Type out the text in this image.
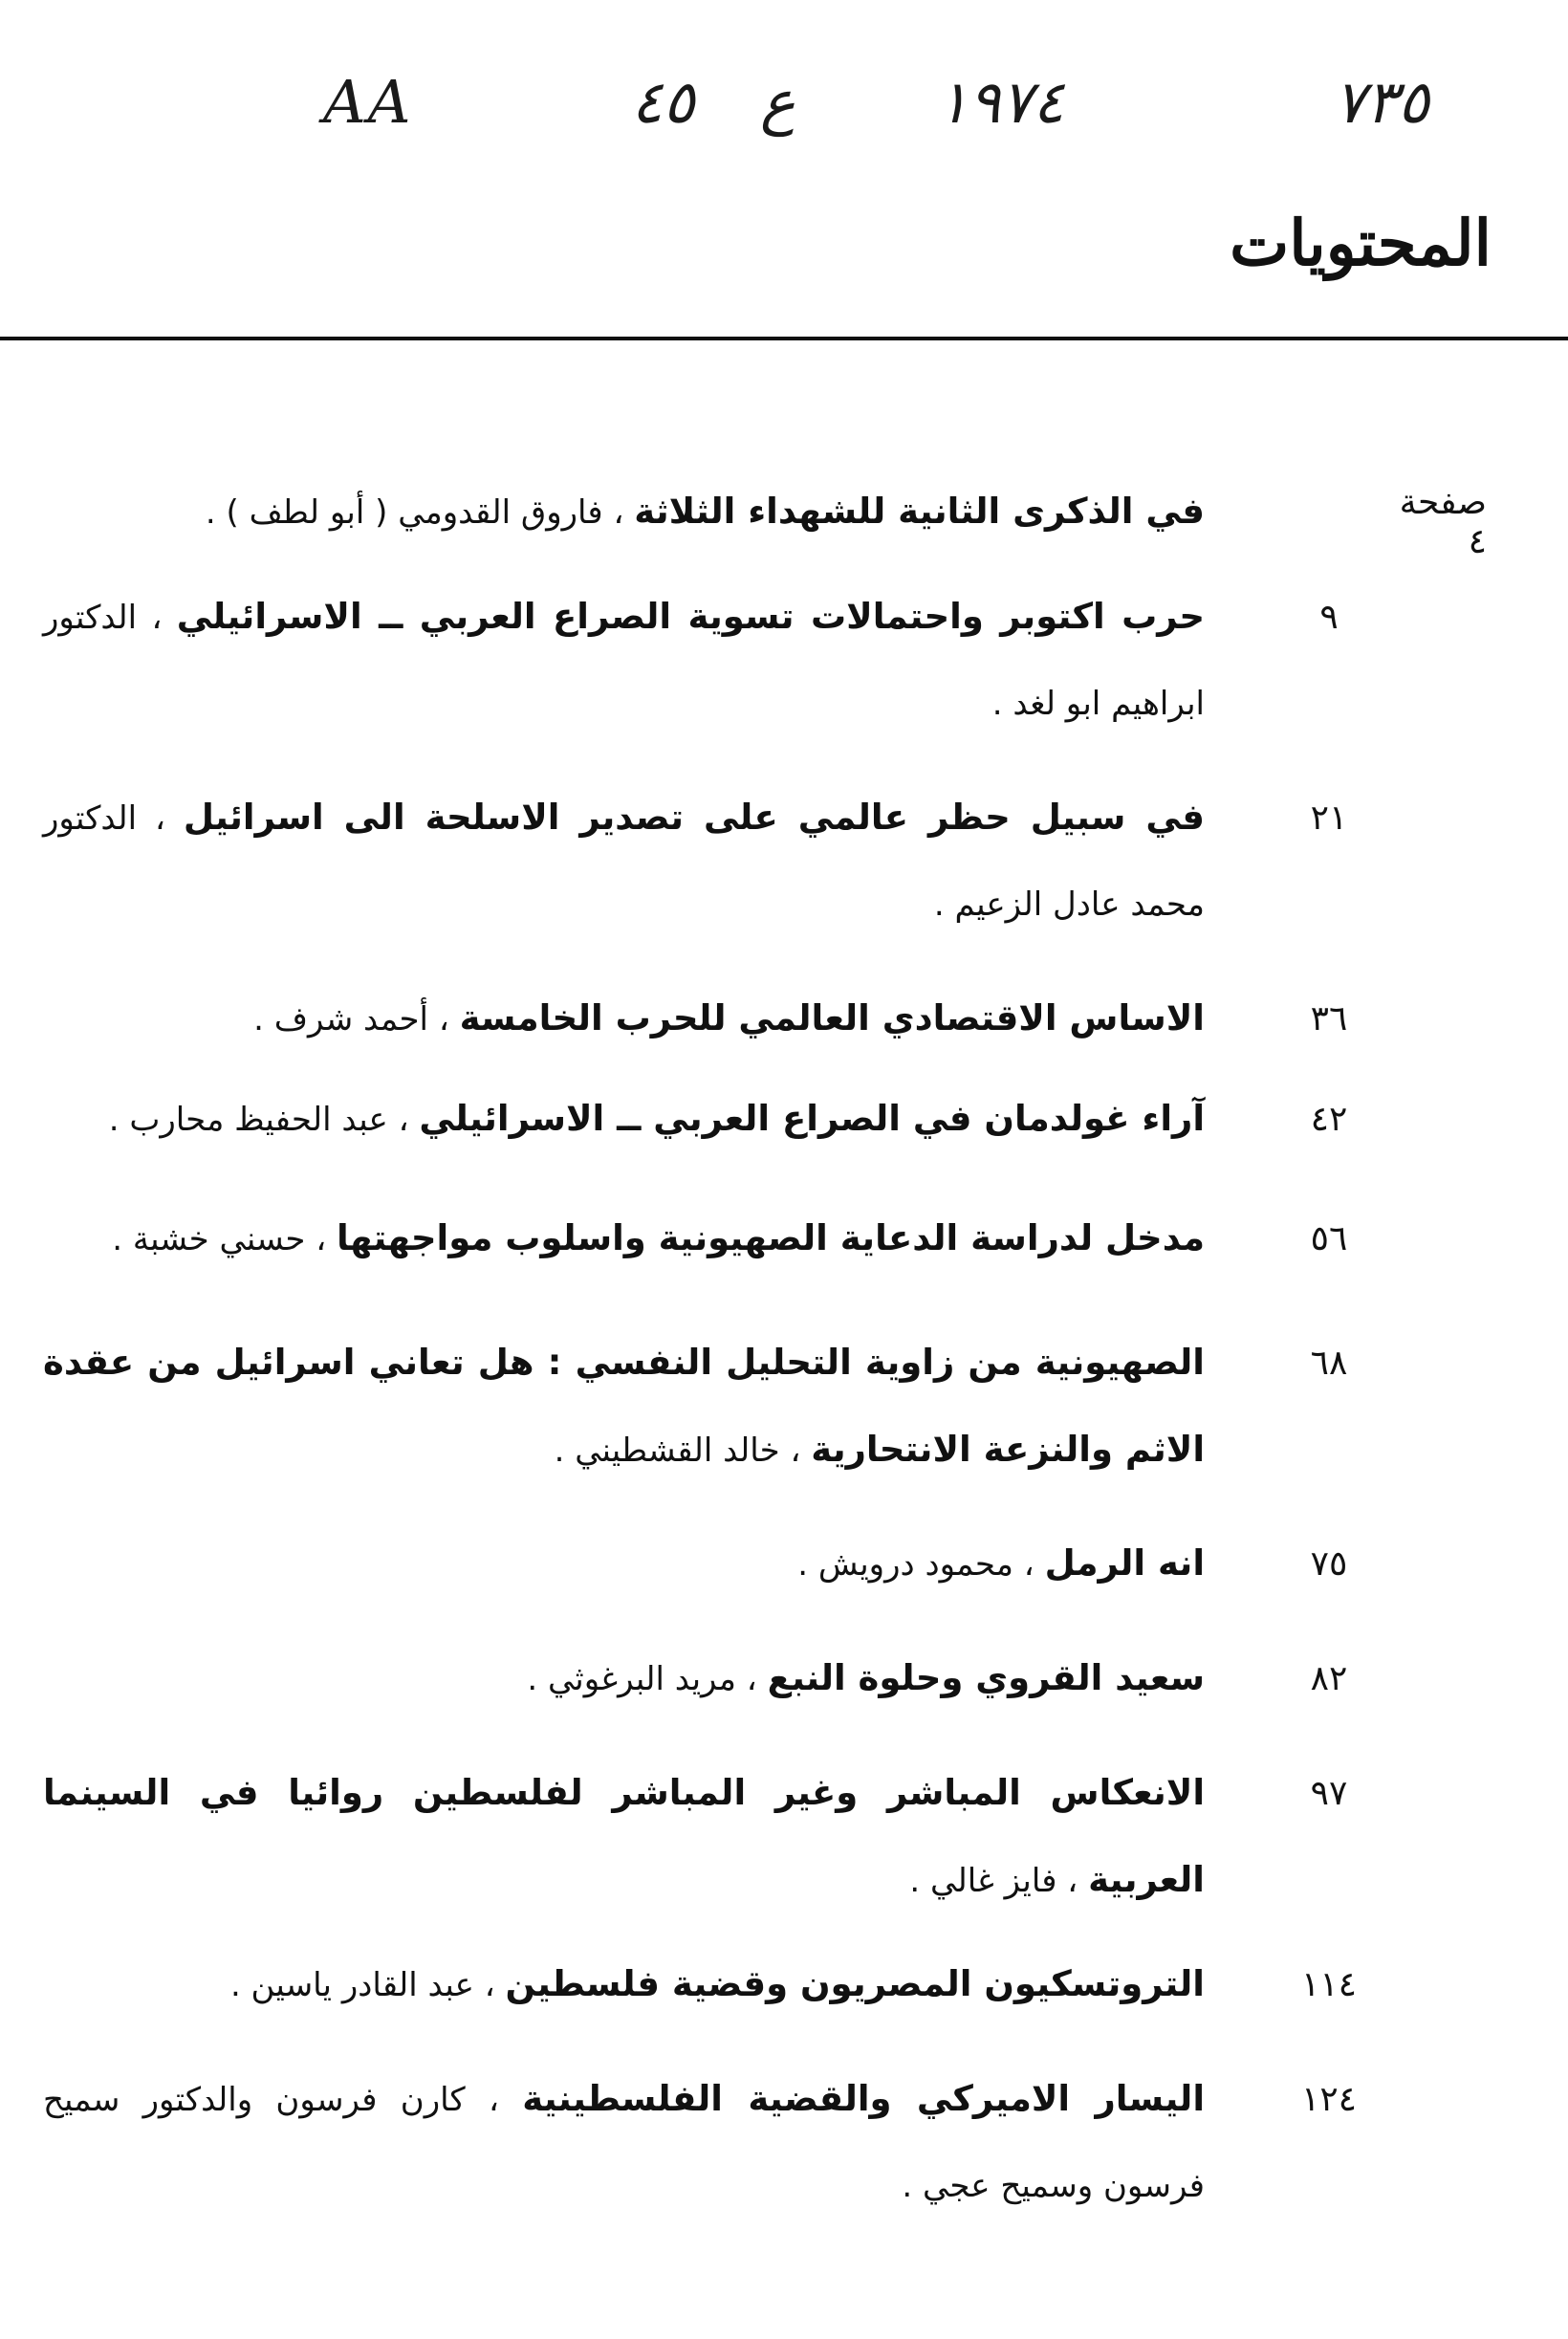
AA	٤٥ ع ١٩٧٤	٧٣٥
المحتويات
صفحة ٤
في الذكرى الثانية للشهداء الثلاثة ، فاروق القدومي ( أبو لطف ) .
٩
حرب اكتوبر واحتمالات تسوية الصراع العربي ــ الاسرائيلي ، الدكتور ابراهيم ابو لغد .
٢١
في سبيل حظر عالمي على تصدير الاسلحة الى اسرائيل ، الدكتور محمد عادل الزعيم .
٣٦
الاساس الاقتصادي العالمي للحرب الخامسة ، أحمد شرف .
٤٢
آراء غولدمان في الصراع العربي ــ الاسرائيلي ، عبد الحفيظ محارب .
٥٦
مدخل لدراسة الدعاية الصهيونية واسلوب مواجهتها ، حسني خشبة .
٦٨
الصهيونية من زاوية التحليل النفسي : هل تعاني اسرائيل من عقدة الاثم والنزعة الانتحارية ، خالد القشطيني .
٧٥
انه الرمل ، محمود درويش .
٨٢
سعيد القروي وحلوة النبع ، مريد البرغوثي .
٩٧
الانعكاس المباشر وغير المباشر لفلسطين روائيا في السينما العربية ، فايز غالي .
١١٤
التروتسكيون المصريون وقضية فلسطين ، عبد القادر ياسين .
١٢٤
اليسار الاميركي والقضية الفلسطينية ، كارن فرسون والدكتور سميح فرسون وسميح عجي .
